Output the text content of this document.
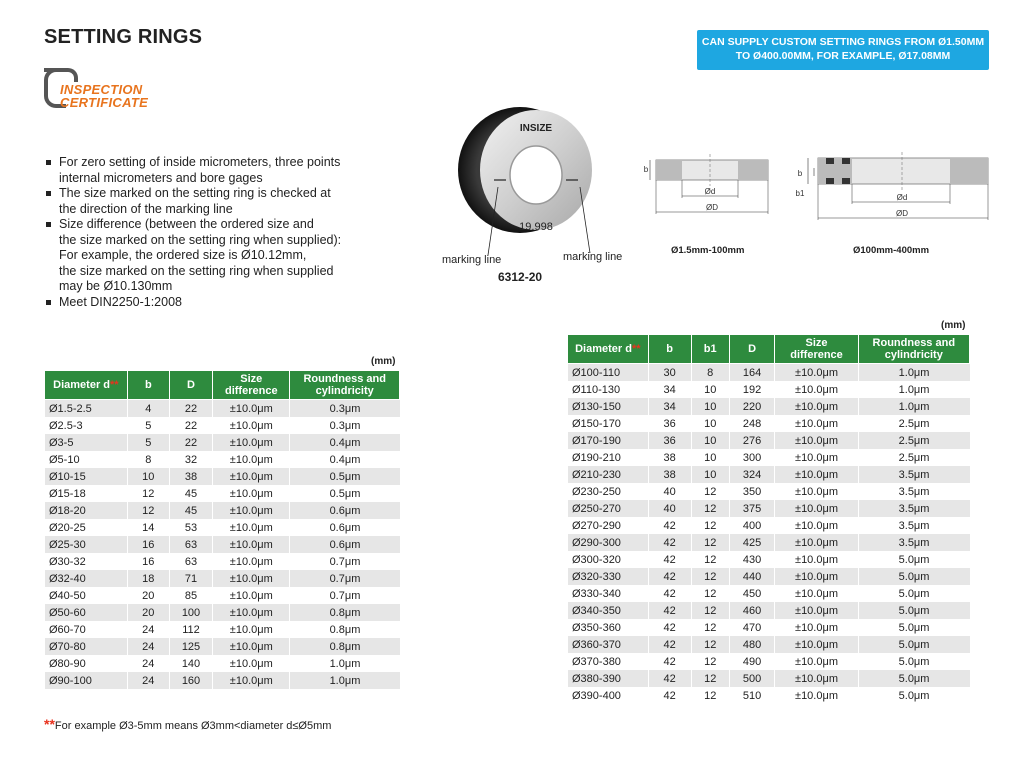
SETTING RINGS
INSPECTION
CERTIFICATE
CAN SUPPLY CUSTOM SETTING RINGS FROM Ø1.50MM
TO Ø400.00MM, FOR EXAMPLE, Ø17.08MM
For zero setting of inside micrometers, three points
internal micrometers and bore gages
The size marked on the setting ring is checked at
the direction of the marking line
Size difference (between the ordered size and
the size marked on the setting ring when supplied):
For example, the ordered size is Ø10.12mm,
the size marked on the setting ring when supplied
may be Ø10.130mm
Meet DIN2250-1:2008
INSIZE
19.998
marking line	marking line
6312-20
b
Ød
ØD
Ø1.5mm-100mm
b
b1	Ød
ØD
Ø100mm-400mm
(mm)
(mm)
Diameter d**	b	D	Size difference	Roundness and cylindricity
Ø1.5-2.5	4	22	±10.0μm	0.3μm
Ø2.5-3	5	22	±10.0μm	0.3μm
Ø3-5	5	22	±10.0μm	0.4μm
Ø5-10	8	32	±10.0μm	0.4μm
Ø10-15	10	38	±10.0μm	0.5μm
Ø15-18	12	45	±10.0μm	0.5μm
Ø18-20	12	45	±10.0μm	0.6μm
Ø20-25	14	53	±10.0μm	0.6μm
Ø25-30	16	63	±10.0μm	0.6μm
Ø30-32	16	63	±10.0μm	0.7μm
Ø32-40	18	71	±10.0μm	0.7μm
Ø40-50	20	85	±10.0μm	0.7μm
Ø50-60	20	100	±10.0μm	0.8μm
Ø60-70	24	112	±10.0μm	0.8μm
Ø70-80	24	125	±10.0μm	0.8μm
Ø80-90	24	140	±10.0μm	1.0μm
Ø90-100	24	160	±10.0μm	1.0μm
Diameter d**	b	b1	D	Size difference	Roundness and cylindricity
Ø100-110	30	8	164	±10.0μm	1.0μm
Ø110-130	34	10	192	±10.0μm	1.0μm
Ø130-150	34	10	220	±10.0μm	1.0μm
Ø150-170	36	10	248	±10.0μm	2.5μm
Ø170-190	36	10	276	±10.0μm	2.5μm
Ø190-210	38	10	300	±10.0μm	2.5μm
Ø210-230	38	10	324	±10.0μm	3.5μm
Ø230-250	40	12	350	±10.0μm	3.5μm
Ø250-270	40	12	375	±10.0μm	3.5μm
Ø270-290	42	12	400	±10.0μm	3.5μm
Ø290-300	42	12	425	±10.0μm	3.5μm
Ø300-320	42	12	430	±10.0μm	5.0μm
Ø320-330	42	12	440	±10.0μm	5.0μm
Ø330-340	42	12	450	±10.0μm	5.0μm
Ø340-350	42	12	460	±10.0μm	5.0μm
Ø350-360	42	12	470	±10.0μm	5.0μm
Ø360-370	42	12	480	±10.0μm	5.0μm
Ø370-380	42	12	490	±10.0μm	5.0μm
Ø380-390	42	12	500	±10.0μm	5.0μm
Ø390-400	42	12	510	±10.0μm	5.0μm
**For example Ø3-5mm means Ø3mm<diameter d≤Ø5mm
